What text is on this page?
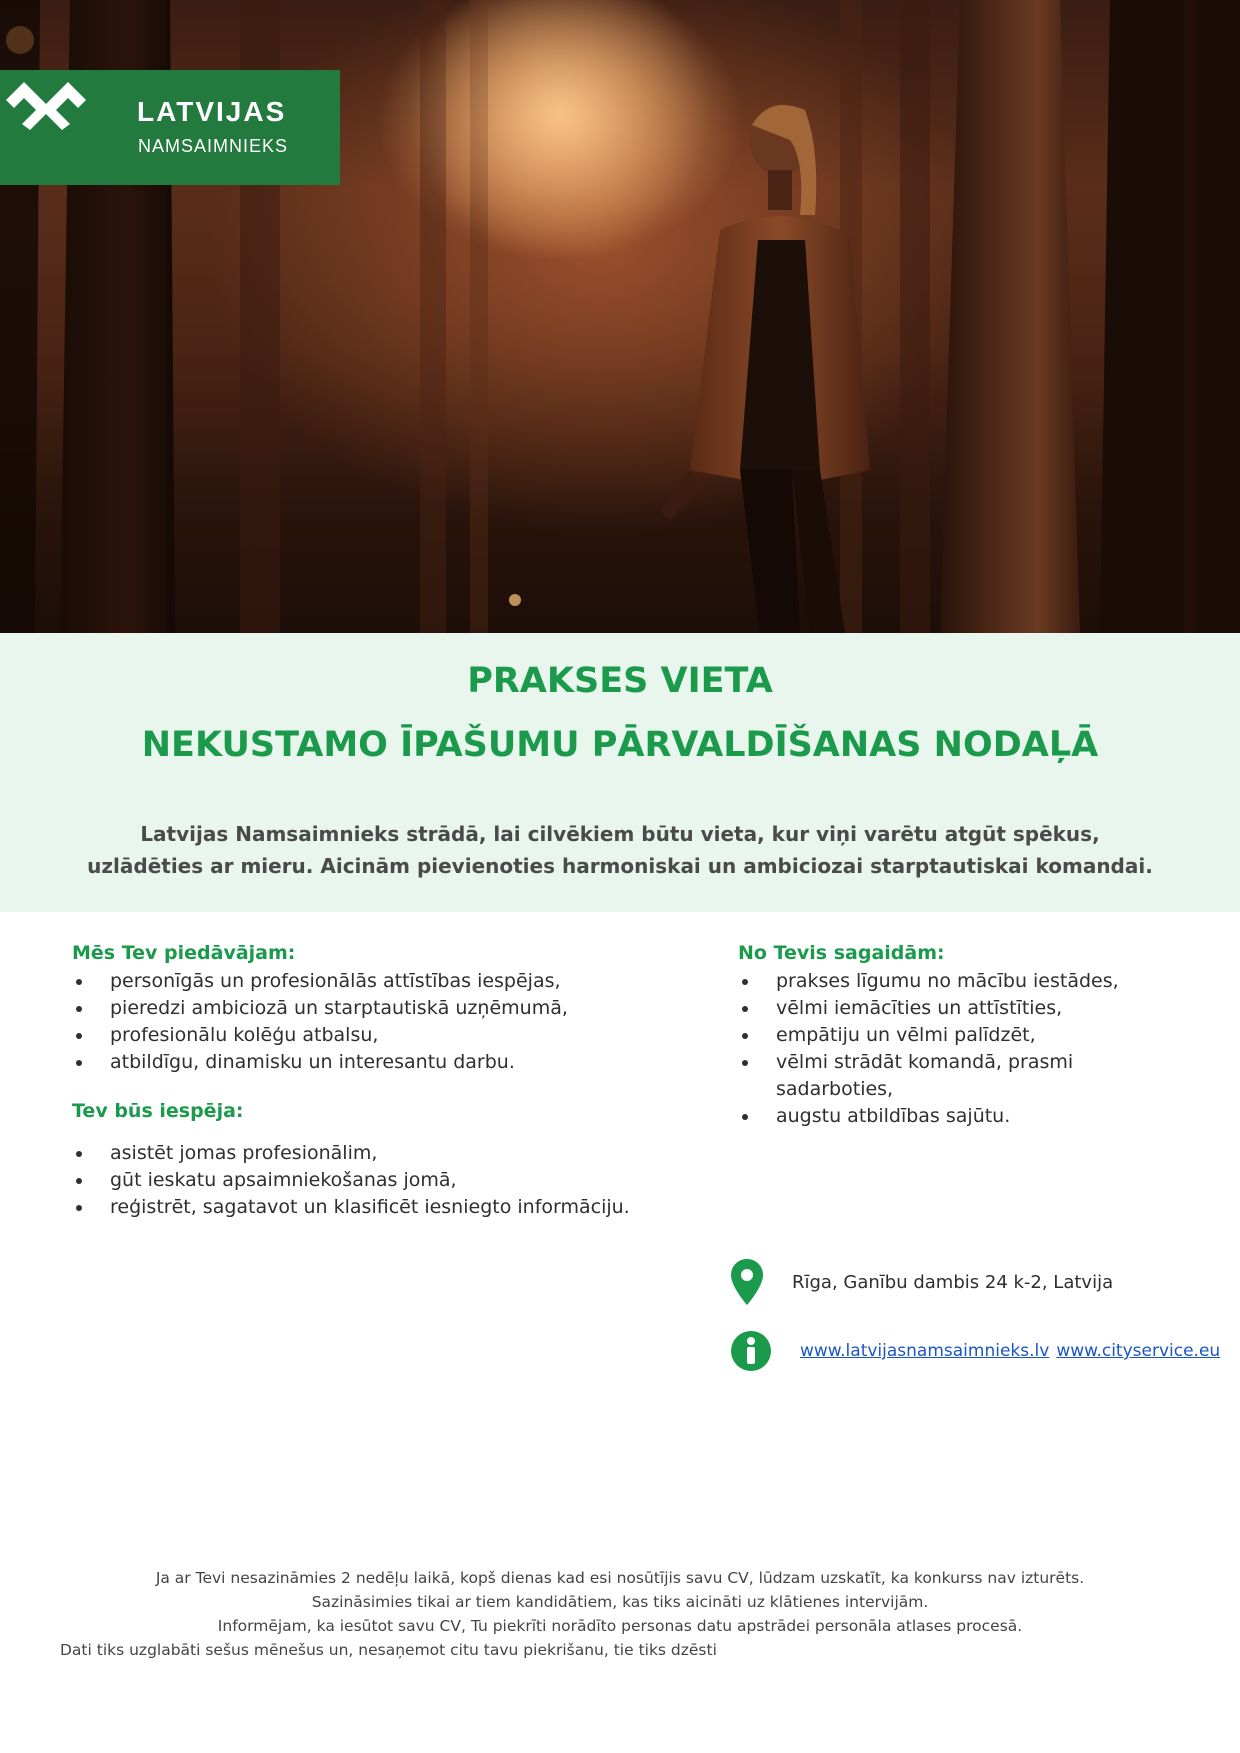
LATVIJAS
NAMSAIMNIEKS
PRAKSES VIETA
NEKUSTAMO ĪPAŠUMU PĀRVALDĪŠANAS NODAĻĀ

Latvijas Namsaimnieks strādā, lai cilvēkiem būtu vieta, kur viņi varētu atgūt spēkus,
uzlādēties ar mieru. Aicinām pievienoties harmoniskai un ambiciozai starptautiskai komandai.

Mēs Tev piedāvājam:
personīgās un profesionālās attīstības iespējas,
pieredzi ambiciozā un starptautiskā uzņēmumā,
profesionālu kolēģu atbalsu,
atbildīgu, dinamisku un interesantu darbu.
Tev būs iespēja:
asistēt jomas profesionālim,
gūt ieskatu apsaimniekošanas jomā,
reģistrēt, sagatavot un klasificēt iesniegto informāciju.
No Tevis sagaidām:
prakses līgumu no mācību iestādes,
vēlmi iemācīties un attīstīties,
empātiju un vēlmi palīdzēt,
vēlmi strādāt komandā, prasmi sadarboties,
augstu atbildības sajūtu.
Rīga, Ganību dambis 24 k-2, Latvija
www.latvijasnamsaimnieks.lv www.cityservice.eu

Ja ar Tevi nesazināmies 2 nedēļu laikā, kopš dienas kad esi nosūtījis savu CV, lūdzam uzskatīt, ka konkurss nav izturēts.

Sazināsimies tikai ar tiem kandidātiem, kas tiks aicināti uz klātienes intervijām.

Informējam, ka iesūtot savu CV, Tu piekrīti norādīto personas datu apstrādei personāla atlases procesā.

Dati tiks uzglabāti sešus mēnešus un, nesaņemot citu tavu piekrišanu, tie tiks dzēsti
